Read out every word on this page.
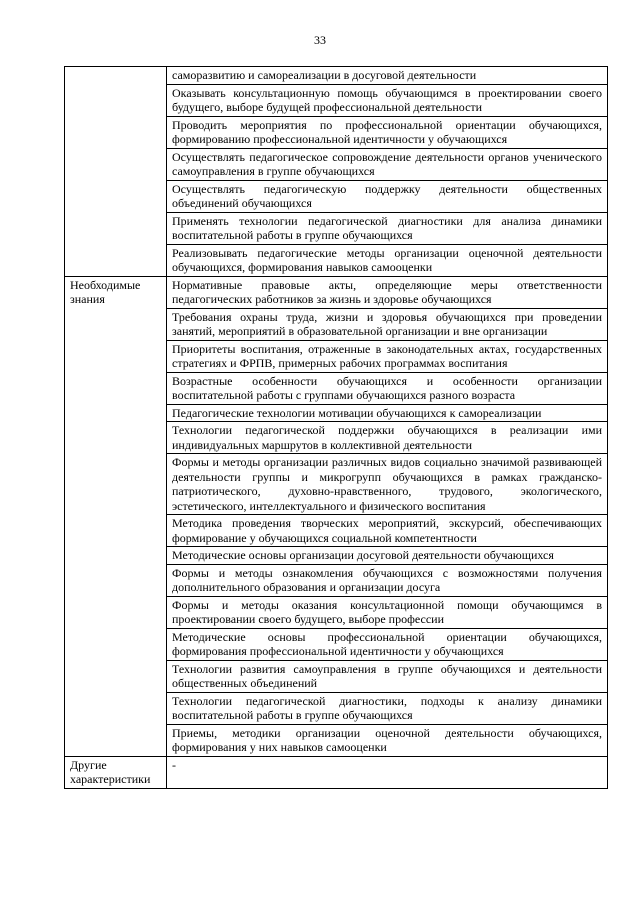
33
	саморазвитию и самореализации в досуговой деятельности
	Оказывать консультационную помощь обучающимся в проектировании своего будущего, выборе будущей профессиональной деятельности
	Проводить мероприятия по профессиональной ориентации обучающихся, формированию профессиональной идентичности у обучающихся
	Осуществлять педагогическое сопровождение деятельности органов ученического самоуправления в группе обучающихся
	Осуществлять педагогическую поддержку деятельности общественных объединений обучающихся
	Применять технологии педагогической диагностики для анализа динамики воспитательной работы в группе обучающихся
	Реализовывать педагогические методы организации оценочной деятельности обучающихся, формирования навыков самооценки
Необходимые знания	Нормативные правовые акты, определяющие меры ответственности педагогических работников за жизнь и здоровье обучающихся
	Требования охраны труда, жизни и здоровья обучающихся при проведении занятий, мероприятий в образовательной организации и вне организации
	Приоритеты воспитания, отраженные в законодательных актах, государственных стратегиях и ФРПВ, примерных рабочих программах воспитания
	Возрастные особенности обучающихся и особенности организации воспитательной работы с группами обучающихся разного возраста
	Педагогические технологии мотивации обучающихся к самореализации
	Технологии педагогической поддержки обучающихся в реализации ими индивидуальных маршрутов в коллективной деятельности
	Формы и методы организации различных видов социально значимой развивающей деятельности группы и микрогрупп обучающихся в рамках гражданско-патриотического, духовно-нравственного, трудового, экологического, эстетического, интеллектуального и физического воспитания
	Методика проведения творческих мероприятий, экскурсий, обеспечивающих формирование у обучающихся социальной компетентности
	Методические основы организации досуговой деятельности обучающихся
	Формы и методы ознакомления обучающихся с возможностями получения дополнительного образования и организации досуга
	Формы и методы оказания консультационной помощи обучающимся в проектировании своего будущего, выборе профессии
	Методические основы профессиональной ориентации обучающихся, формирования профессиональной идентичности у обучающихся
	Технологии развития самоуправления в группе обучающихся и деятельности общественных объединений
	Технологии педагогической диагностики, подходы к анализу динамики воспитательной работы в группе обучающихся
	Приемы, методики организации оценочной деятельности обучающихся, формирования у них навыков самооценки
Другие характеристики	-
